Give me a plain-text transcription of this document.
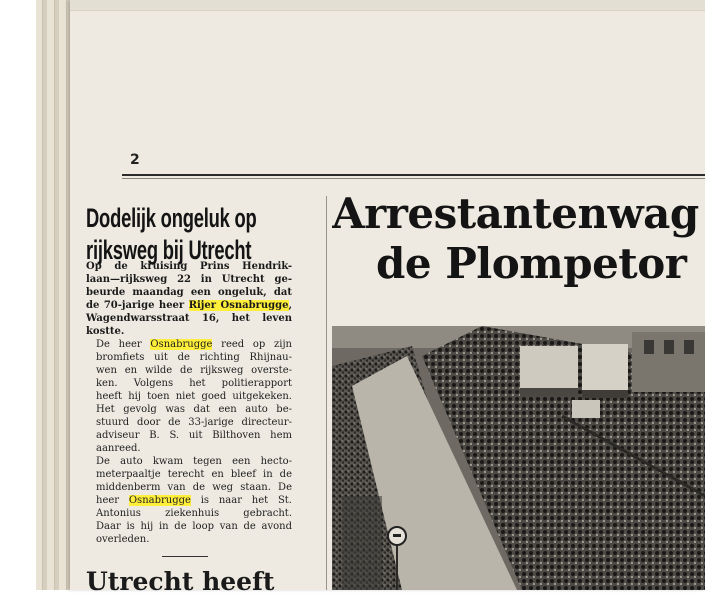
2
Dodelijk ongeluk op
rijksweg bij Utrecht
Op de kruising Prins Hendrik-
laan—rijksweg 22 in Utrecht ge-
beurde maandag een ongeluk, dat
de 70-jarige heer Rijer Osnabrugge,
Wagendwarsstraat 16, het leven
kostte.
De heer Osnabrugge reed op zijn
bromfiets uit de richting Rhijnau-
wen en wilde de rijksweg overste-
ken. Volgens het politierapport
heeft hij toen niet goed uitgekeken.
Het gevolg was dat een auto be-
stuurd door de 33-jarige directeur-
adviseur B. S. uit Bilthoven hem
aanreed.
De auto kwam tegen een hecto-
meterpaaltje terecht en bleef in de
middenberm van de weg staan. De
heer Osnabrugge is naar het St.
Antonius ziekenhuis gebracht.
Daar is hij in de loop van de avond
overleden.
Utrecht heeft
Arrestantenwag
de Plompetor
